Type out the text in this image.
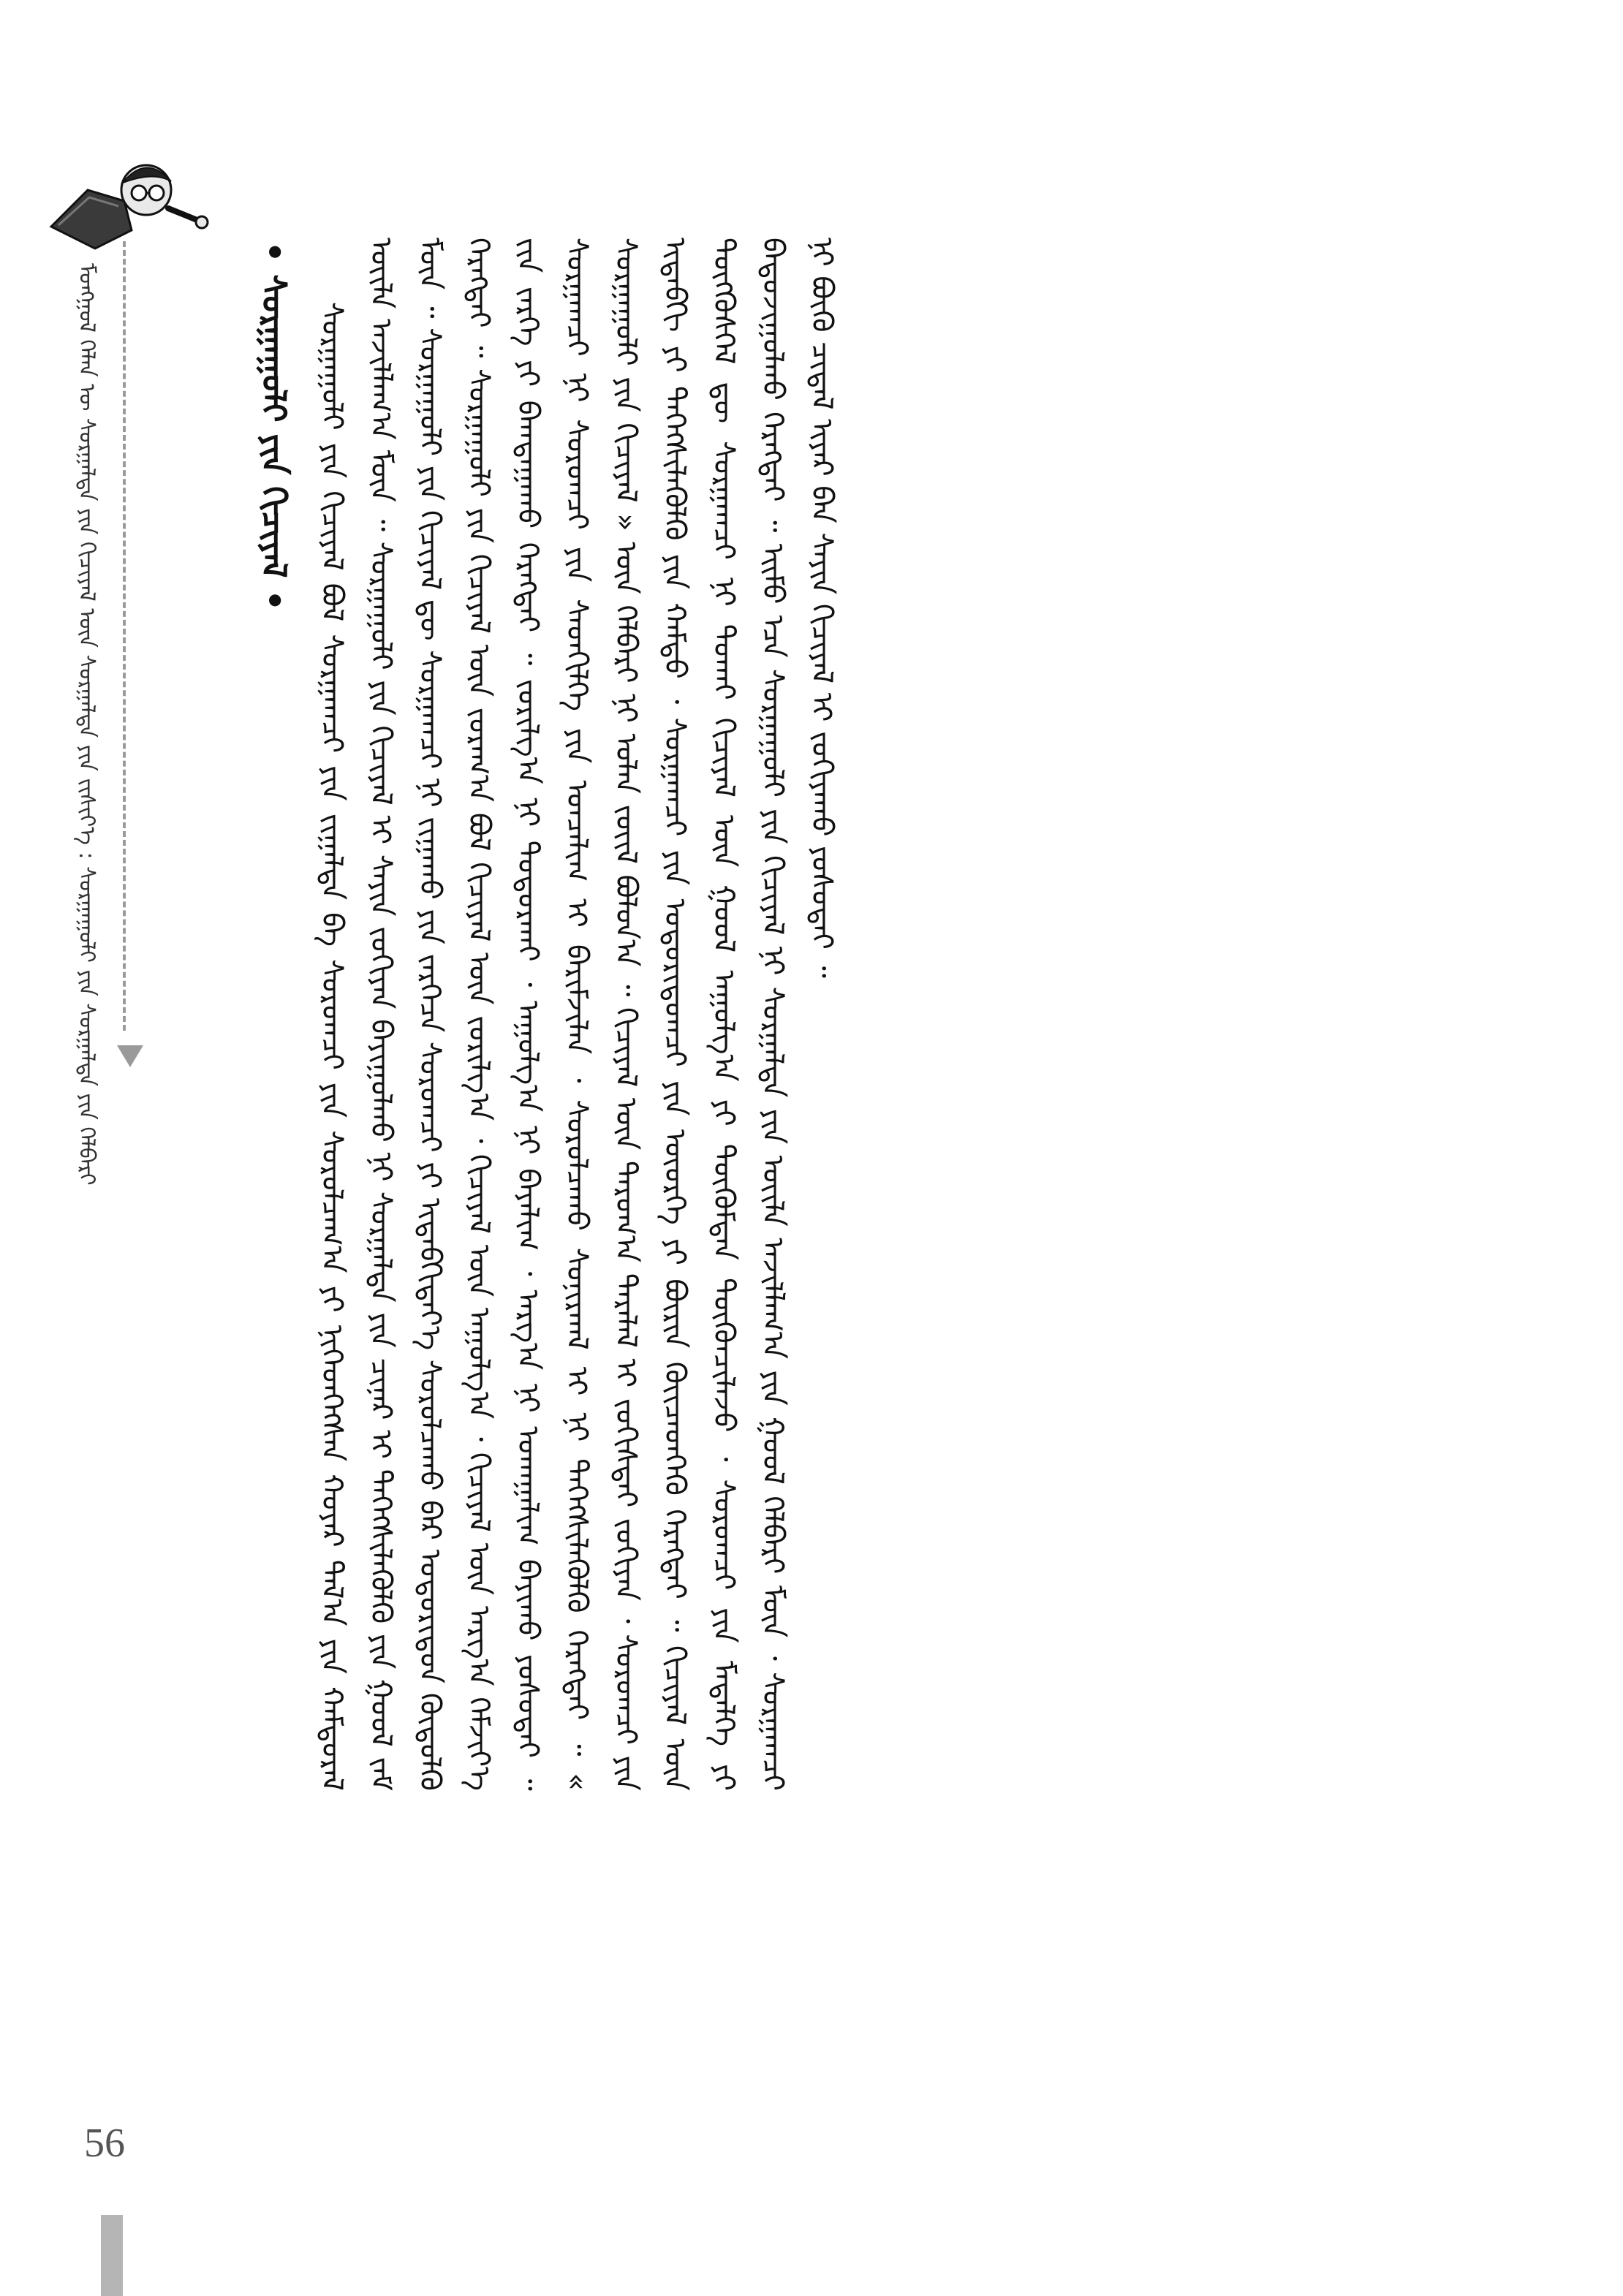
ᠮᠣᠩᠭᠣᠯ ᠬᠡᠯᠡᠨ ᠦ ᠰᠤᠷᠭᠠᠯᠲᠠ ᠶᠢᠨ ᠬᠢᠴᠢᠶᠡᠯ ᠦᠨ ᠰᠤᠷᠭᠠᠯᠲᠠ ᠶᠢᠨ ᠵᠢᠱᠢᠶ᠎ᠡ : ᠰᠤᠷᠭᠠᠭᠤᠯᠢ ᠶᠢᠨ ᠰᠤᠷᠭᠠᠯᠲᠠ ᠶᠢᠨ ᠬᠡᠯᠪᠡᠷᠢ	• ᠰᠤᠷᠭᠠᠭᠤᠯᠢ ᠶᠢᠨ ᠬᠢᠴᠢᠶᠡᠯ • ᠰᠤᠷᠭᠠᠭᠤᠯᠢ ᠶᠢᠨ ᠬᠢᠴᠢᠶᠡᠯ ᠪᠣᠯ ᠰᠤᠷᠭᠠᠭᠴᠢ ᠶᠢᠨ ᠵᠢᠭᠠᠯᠲᠠ ᠪᠠ ᠰᠤᠷᠤᠭᠴᠢ ᠶᠢᠨ ᠰᠤᠷᠤᠯᠴᠠᠭ᠎ᠠ ᠶᠢ ᠨᠢᠭᠡᠳᠬᠡᠭᠰᠡᠨ ᠬᠣᠶᠠᠷ ᠲᠠᠯ᠎ᠠ ᠶᠢᠨ ᠬᠠᠮᠲᠤᠷᠠᠯ ᠦᠢᠯᠡ ᠠᠵᠢᠯᠯᠠᠭ᠎ᠠ ᠮᠥᠨ ᠃ ᠰᠤᠷᠭᠠᠭᠤᠯᠢ ᠶᠢᠨ ᠬᠢᠴᠢᠶᠡᠯ ᠢ ᠰᠠᠶᠢᠨ ᠵᠣᠬᠢᠶᠠᠨ ᠪᠠᠶᠢᠭᠤᠯᠬᠤ ᠨᠢ ᠰᠤᠷᠭᠠᠯᠲᠠ ᠶᠢᠨ ᠴᠢᠨᠠᠷ ᠢ ᠳᠡᠭᠡᠭᠰᠢᠯᠡᠭᠦᠯᠬᠦ ᠶᠢᠨ ᠭᠣᠣᠯ ᠵᠠᠮ ᠮᠥᠨ ᠃ ᠰᠤᠷᠭᠠᠭᠤᠯᠢ ᠶᠢᠨ ᠬᠢᠴᠢᠶᠡᠯ ᠳᠦ ᠰᠤᠷᠭᠠᠭᠴᠢ ᠨᠢ ᠵᠢᠭᠠᠬᠤ ᠶᠢᠨ ᠵᠡᠷᠭᠡᠴᠡ ᠰᠤᠷᠤᠭᠴᠢ ᠶᠢ ᠢᠳᠡᠪᠬᠢᠲᠡᠶ᠎ᠡ ᠰᠤᠷᠤᠯᠴᠠᠬᠤ ᠪᠠᠷ ᠤᠳᠤᠷᠢᠳᠤᠨ ᠬᠥᠲᠥᠯᠬᠦ ᠬᠡᠷᠡᠭᠲᠡᠶ ᠃ ᠰᠤᠷᠭᠠᠭᠤᠯᠢ ᠶᠢᠨ ᠬᠢᠴᠢᠶᠡᠯ ᠦᠨ ᠵᠤᠷᠠᠭ᠎ᠠ ᠪᠣᠯ ᠬᠢᠴᠢᠶᠡᠯ ᠦᠨ ᠵᠣᠷᠢᠯᠭ᠎ᠠ ᠂ ᠬᠢᠴᠢᠶᠡᠯ ᠦᠨ ᠠᠭᠤᠯᠭ᠎ᠠ ᠂ ᠬᠢᠴᠢᠶᠡᠯ ᠦᠨ ᠠᠷᠭ᠎ᠠ ᠬᠡᠮᠵᠢᠶ᠎ᠡ ᠵᠢᠨ ᠵᠡᠷᠭᠡ ᠶᠢ ᠪᠠᠭᠲᠠᠭᠠᠬᠤ ᠬᠡᠷᠡᠭᠲᠡᠶ ᠃ ᠵᠣᠷᠢᠯᠭ᠎ᠠ ᠨᠢ ᠲᠣᠳᠣᠷᠬᠠᠢ ᠂ ᠠᠭᠤᠯᠭ᠎ᠠ ᠨᠢ ᠪᠠᠶᠠᠯᠢᠭ ᠂ ᠠᠷᠭ᠎ᠠ ᠨᠢ ᠤᠬᠠᠭᠠᠯᠢᠭ ᠪᠠᠶᠢᠬᠤ ᠶᠣᠰᠣᠲᠠᠢ ᠃ ᠰᠤᠷᠭᠠᠭᠴᠢ ᠨᠢ ᠰᠤᠷᠤᠭᠴᠢ ᠶᠢᠨ ᠰᠡᠳᠬᠢᠯᠭᠡ ᠶᠢᠨ ᠣᠨᠴᠠᠯᠢᠭ ᠢ ᠪᠠᠷᠢᠮᠵᠢᠯᠠᠨ ᠂ ᠰᠤᠷᠤᠯᠴᠠᠬᠤ ᠰᠣᠨᠢᠷᠬᠠᠯ ᠢ ᠨᠢ ᠳᠡᠭᠡᠭᠰᠢᠯᠡᠭᠦᠯᠬᠦ ᠬᠡᠷᠡᠭᠲᠡᠶ ᠃ « ᠰᠤᠷᠭᠠᠭᠤᠯᠢ ᠶᠢᠨ ᠬᠢᠴᠢᠶᠡᠯ » ᠦᠨ ᠬᠡᠯᠪᠡᠷᠢ ᠨᠢ ᠣᠯᠠᠨ ᠵᠦᠢᠯ ᠪᠣᠯᠤᠨ᠎ᠠ ᠃ ᠬᠢᠴᠢᠶᠡᠯ ᠦᠨ ᠳᠠᠷᠤᠭ᠎ᠠ ᠳᠠᠷᠠᠯᠠᠯ ᠢ ᠵᠣᠬᠢᠰᠲᠠᠢ ᠵᠣᠬᠢᠶᠠᠨ ᠂ ᠰᠤᠷᠤᠭᠴᠢ ᠶᠢᠨ ᠢᠳᠡᠪᠬᠢ ᠶᠢ ᠳᠡᠭᠡᠭᠰᠢᠯᠡᠭᠦᠯᠬᠦ ᠶᠢᠨ ᠬᠠᠮᠲᠤ ᠂ ᠰᠤᠷᠭᠠᠭᠴᠢ ᠶᠢᠨ ᠤᠳᠤᠷᠢᠳᠤᠭᠴᠢ ᠶᠢᠨ ᠦᠦᠷᠭᠡ ᠶᠢ ᠪᠦᠷᠢᠨ ᠭᠦᠢᠴᠡᠳᠬᠡᠬᠦ ᠬᠡᠷᠡᠭᠲᠡᠶ ᠃ ᠬᠢᠴᠢᠶᠡᠯ ᠦᠨ ᠲᠥᠭᠭᠦᠰᠬᠡᠯ ᠳᠦ ᠰᠤᠷᠭᠠᠭᠴᠢ ᠨᠢ ᠲᠤᠬᠠᠢ ᠬᠢᠴᠢᠶᠡᠯ ᠦᠨ ᠭᠣᠣᠯ ᠠᠭᠤᠯᠭ᠎ᠠ ᠶᠢ ᠳᠦᠭᠦᠮᠳᠡᠨ ᠳᠦᠭᠦᠨᠴᠢᠯᠡᠵᠦ ᠂ ᠰᠤᠷᠤᠭᠴᠢ ᠶᠢᠨ ᠮᠡᠳᠡᠯᠭᠡ ᠶᠢ ᠪᠠᠲᠤᠵᠢᠭᠤᠯᠬᠤ ᠬᠡᠷᠡᠭᠲᠡᠶ ᠃ ᠡᠢᠮᠦ ᠡᠴᠡ ᠰᠤᠷᠭᠠᠭᠤᠯᠢ ᠶᠢᠨ ᠬᠢᠴᠢᠶᠡᠯ ᠨᠢ ᠰᠤᠷᠭᠠᠯᠲᠠ ᠶᠢᠨ ᠦᠢᠯᠡ ᠠᠵᠢᠯᠯᠠᠭ᠎ᠠ ᠶᠢᠨ ᠭᠣᠣᠯ ᠬᠡᠯᠪᠡᠷᠢ ᠮᠥᠨ ᠂ ᠰᠤᠷᠭᠠᠭᠴᠢ ᠨᠢ ᠪᠦᠬᠦ ᠴᠢᠳᠠᠯ ᠢᠶᠠᠷ ᠪᠡᠨ ᠰᠠᠶᠢᠨ ᠬᠢᠴᠢᠶᠡᠯ ᠢ ᠵᠣᠬᠢᠶᠠᠬᠤ ᠶᠣᠰᠣᠲᠠᠢ ᠃

56
